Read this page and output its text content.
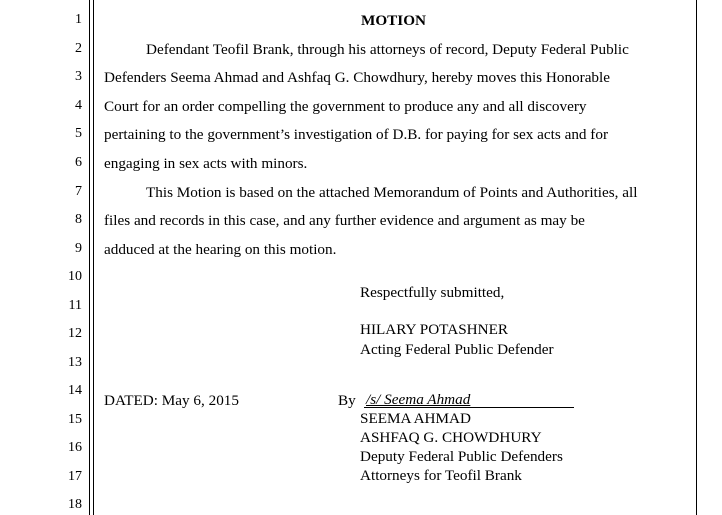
1
2
3
4
5
6
7
8
9
10
11
12
13
14
15
16
17
18
MOTION
Defendant Teofil Brank, through his attorneys of record, Deputy Federal Public
Defenders Seema Ahmad and Ashfaq G. Chowdhury, hereby moves this Honorable
Court for an order compelling the government to produce any and all discovery
pertaining to the government’s investigation of D.B. for paying for sex acts and for
engaging in sex acts with minors.
This Motion is based on the attached Memorandum of Points and Authorities, all
files and records in this case, and any further evidence and argument as may be
adduced at the hearing on this motion.
Respectfully submitted,
HILARY POTASHNER
Acting Federal Public Defender
DATED: May 6, 2015	By /s/ Seema Ahmad
SEEMA AHMAD
ASHFAQ G. CHOWDHURY
Deputy Federal Public Defenders
Attorneys for Teofil Brank
